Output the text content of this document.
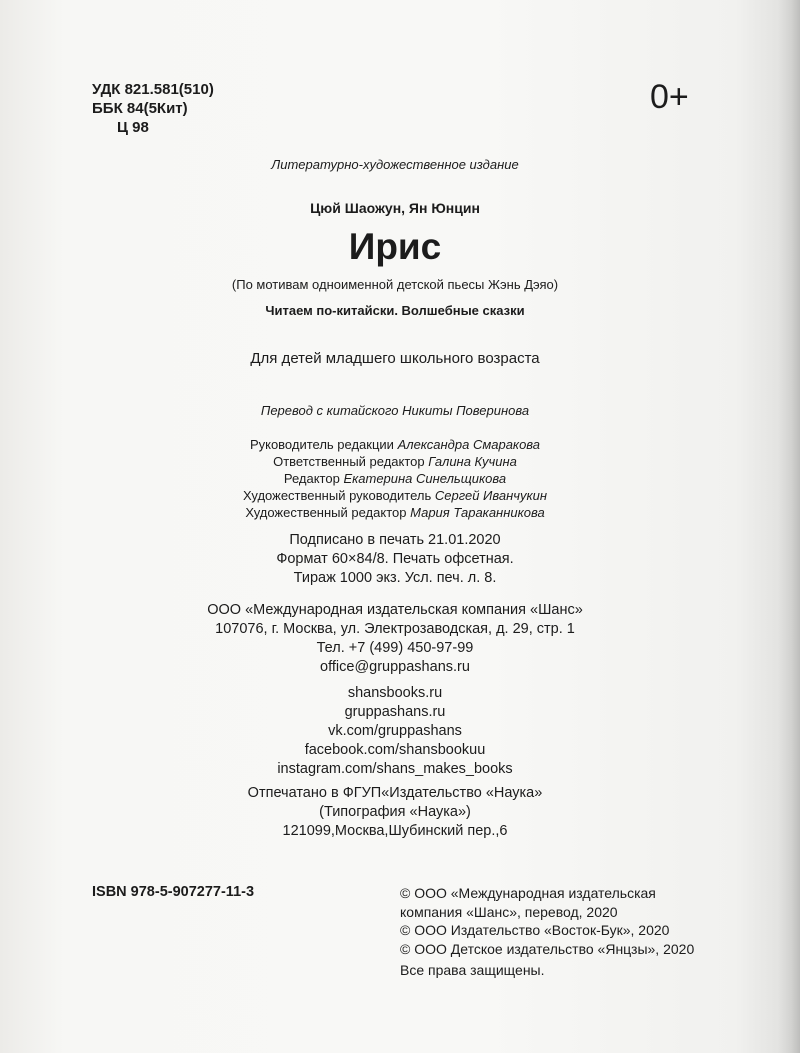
УДК 821.581(510)
ББК 84(5Кит)
Ц 98
0+
Литературно-художественное издание
Цюй Шаожун, Ян Юнцин
Ирис
(По мотивам одноименной детской пьесы Жэнь Дэяо)
Читаем по-китайски. Волшебные сказки
Для детей младшего школьного возраста
Перевод с китайского Никиты Поверинова
Руководитель редакции Александра Смаракова
Ответственный редактор Галина Кучина
Редактор Екатерина Синельщикова
Художественный руководитель Сергей Иванчукин
Художественный редактор Мария Тараканникова
Подписано в печать 21.01.2020
Формат 60×84/8. Печать офсетная.
Тираж 1000 экз. Усл. печ. л. 8.
ООО «Международная издательская компания «Шанс»
107076, г. Москва, ул. Электрозаводская, д. 29, стр. 1
Тел. +7 (499) 450-97-99
office@gruppashans.ru
shansbooks.ru
gruppashans.ru
vk.com/gruppashans
facebook.com/shansbookuu
instagram.com/shans_makes_books
Отпечатано в ФГУП«Издательство «Наука»
(Типография «Наука»)
121099,Москва,Шубинский пер.,6
ISBN 978-5-907277-11-3	© ООО «Международная издательская
компания «Шанс», перевод, 2020
© ООО Издательство «Восток-Бук», 2020
© ООО Детское издательство «Янцзы», 2020
Все права защищены.
